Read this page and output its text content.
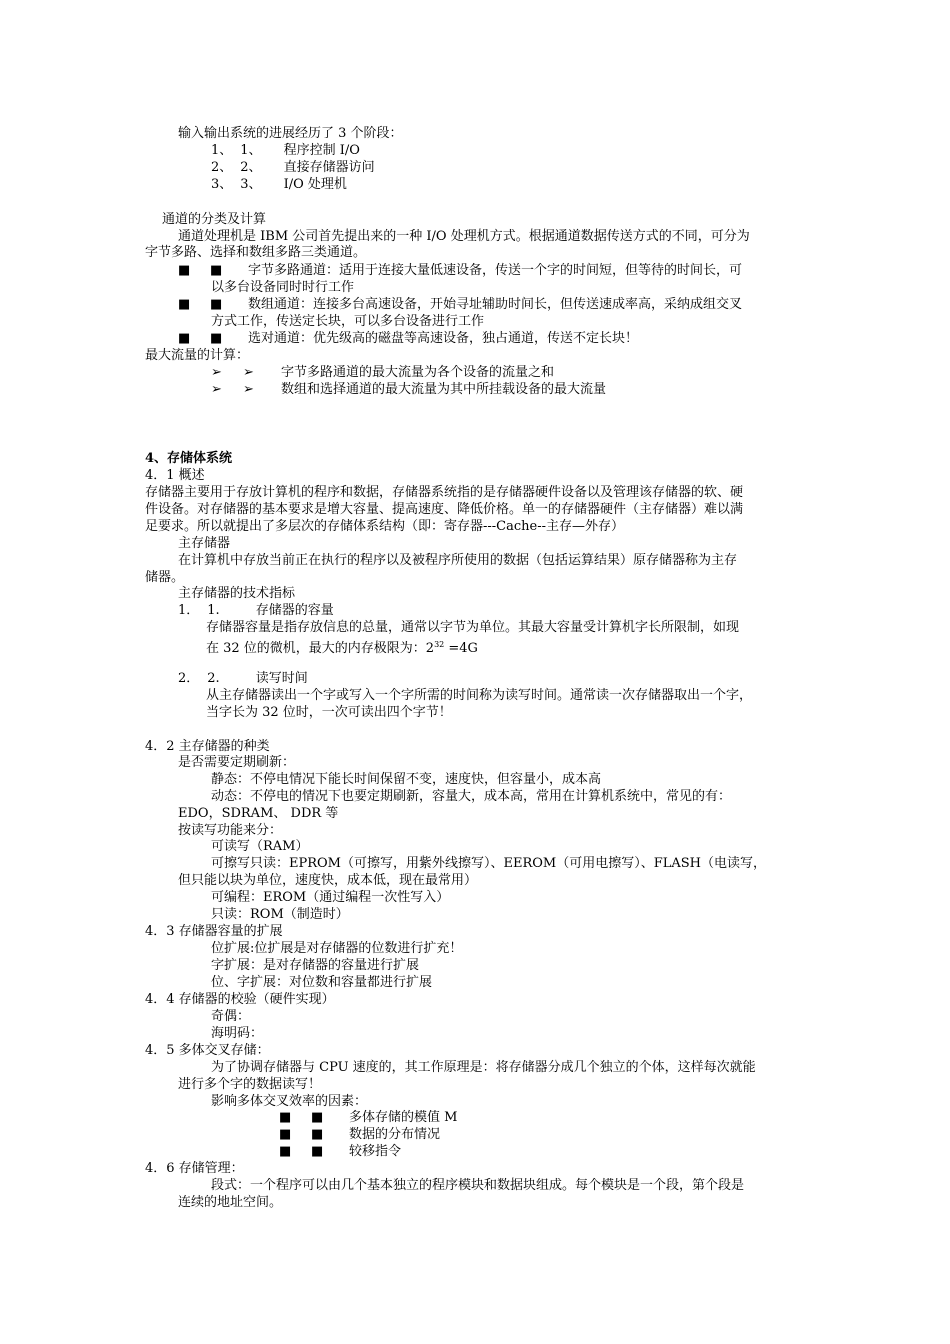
输入输出系统的进展经历了 3 个阶段：
1、 1、 程序控制 I/O
2、 2、 直接存储器访问
3、 3、 I/O 处理机
通道的分类及计算
通道处理机是 IBM 公司首先提出来的一种 I/O 处理机方式。根据通道数据传送方式的不同，可分为
字节多路、选择和数组多路三类通道。
■ ■ 字节多路通道：适用于连接大量低速设备，传送一个字的时间短，但等待的时间长，可
以多台设备同时时行工作
■ ■ 数组通道：连接多台高速设备，开始寻址辅助时间长，但传送速成率高，采纳成组交叉
方式工作，传送定长块，可以多台设备进行工作
■ ■ 选对通道：优先级高的磁盘等高速设备，独占通道，传送不定长块！
最大流量的计算：
➢ ➢ 字节多路通道的最大流量为各个设备的流量之和
➢ ➢ 数组和选择通道的最大流量为其中所挂载设备的最大流量
4、存储体系统
4．1 概述
存储器主要用于存放计算机的程序和数据，存储器系统指的是存储器硬件设备以及管理该存储器的软、硬
件设备。对存储器的基本要求是增大容量、提高速度、降低价格。单一的存储器硬件（主存储器）难以满
足要求。所以就提出了多层次的存储体系结构（即：寄存器---Cache--主存—外存）
主存储器
在计算机中存放当前正在执行的程序以及被程序所使用的数据（包括运算结果）原存储器称为主存
储器。
主存储器的技术指标
1． 1.	存储器的容量
存储器容量是指存放信息的总量，通常以字节为单位。其最大容量受计算机字长所限制，如现
在 32 位的微机，最大的内存极限为：$2^{32} =4G$
2． 2.	读写时间
从主存储器读出一个字或写入一个字所需的时间称为读写时间。通常读一次存储器取出一个字，
当字长为 32 位时，一次可读出四个字节！
4．2 主存储器的种类
是否需要定期刷新：
静态：不停电情况下能长时间保留不变，速度快，但容量小，成本高
动态：不停电的情况下也要定期刷新，容量大，成本高，常用在计算机系统中，常见的有：
EDO，SDRAM、 DDR 等
按读写功能来分：
可读写（RAM）
可擦写只读：EPROM（可擦写，用紫外线擦写）、EEROM（可用电擦写）、FLASH（电读写，
但只能以块为单位，速度快，成本低，现在最常用）
可编程：EROM（通过编程一次性写入）
只读：ROM（制造时）
4．3 存储器容量的扩展
位扩展:位扩展是对存储器的位数进行扩充！
字扩展：是对存储器的容量进行扩展
位、字扩展：对位数和容量都进行扩展
4．4 存储器的校验（硬件实现）
奇偶：
海明码：
4．5 多体交叉存储：
为了协调存储器与 CPU 速度的，其工作原理是：将存储器分成几个独立的个体，这样每次就能
进行多个字的数据读写！
影响多体交叉效率的因素：
■ ■ 多体存储的模值 M
■ ■ 数据的分布情况
■ ■ 较移指令
4．6 存储管理：
段式：一个程序可以由几个基本独立的程序模块和数据块组成。每个模块是一个段，第个段是
连续的地址空间。
